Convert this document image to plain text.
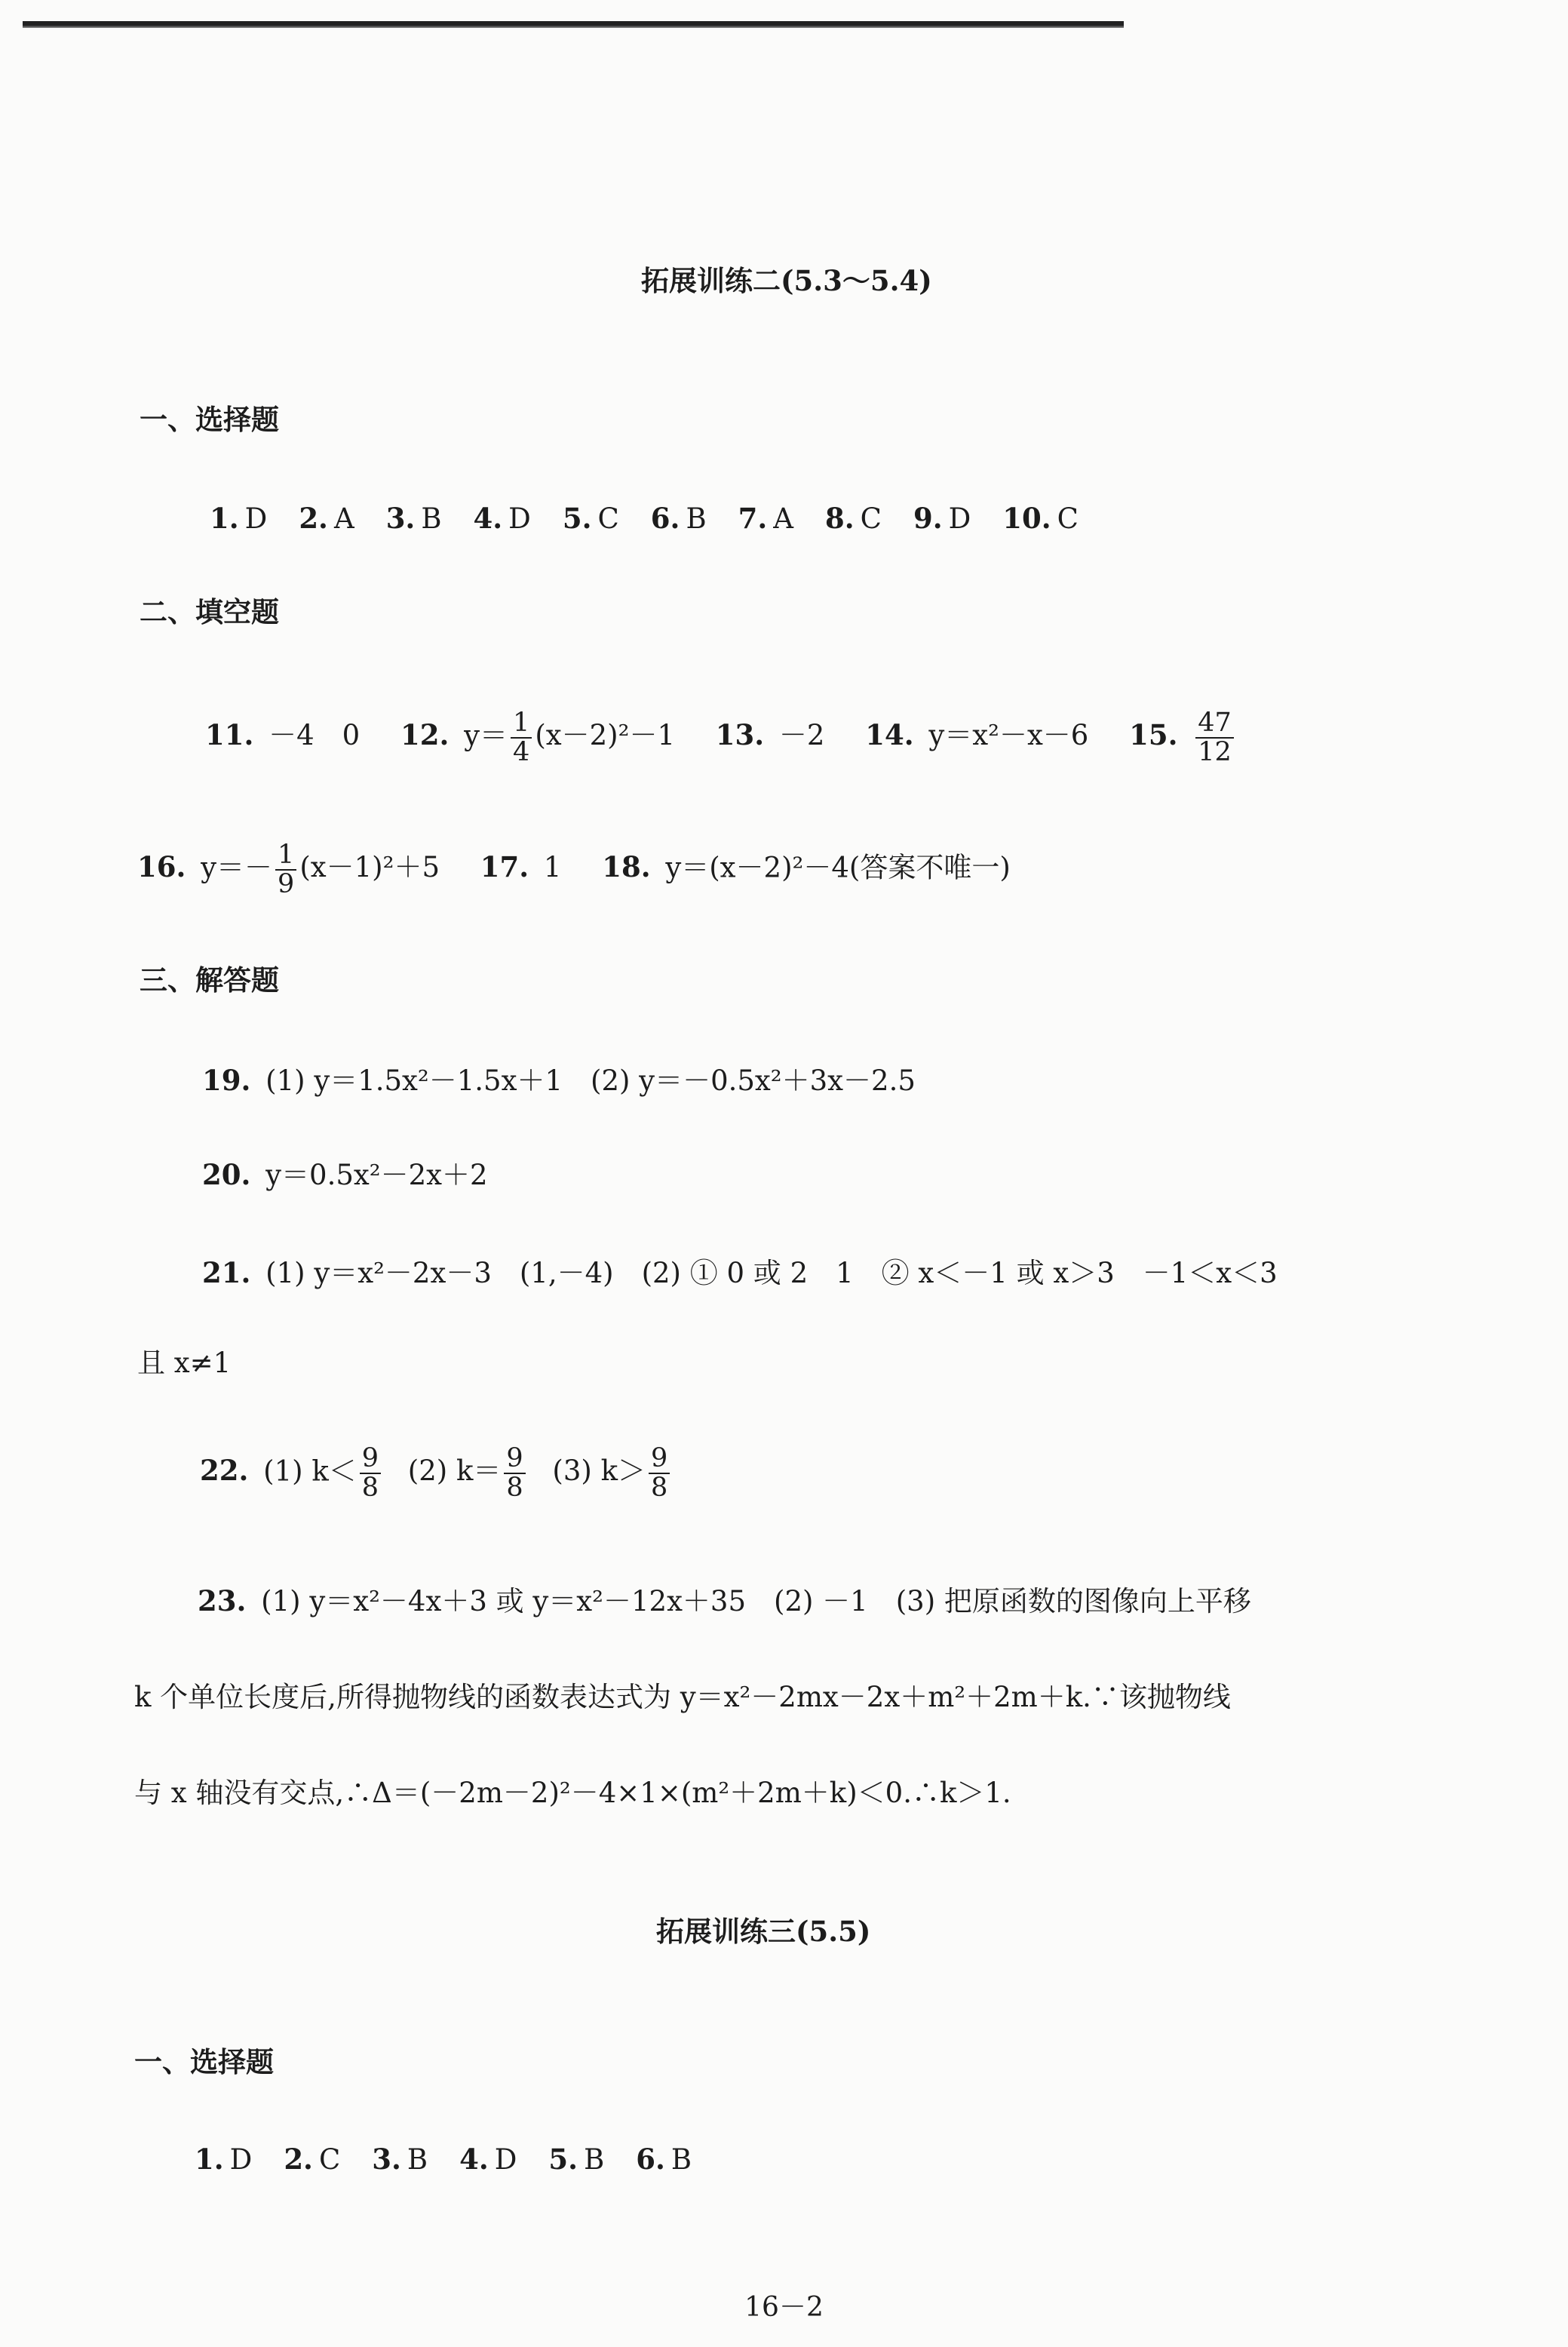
拓展训练二(5.3～5.4)
一、选择题
1. D 2. A 3. B 4. D 5. C 6. B 7. A 8. C 9. D 10. C
二、填空题
11. －4　0 12. $y= \frac{1}{4} (x-2)^2-1$ 13. －2 14. y＝x²－x－6 15. $\frac{47}{12}$
16. $y=- \frac{1}{9} (x-1)^2+5$ 17. 1 18. y＝(x－2)²－4(答案不唯一)
三、解答题
19. (1) y＝1.5x²－1.5x＋1　(2) y＝－0.5x²＋3x－2.5
20. y＝0.5x²－2x＋2
21. (1) y＝x²－2x－3　(1,－4)　(2) ① 0 或 2　1　② x＜－1 或 x＞3　－1＜x＜3
且 x≠1
22. (1) $k< \frac{9}{8} (2)$ $k= \frac{9}{8} (3)$ $k> \frac{9}{8}$
23. (1) y＝x²－4x＋3 或 y＝x²－12x＋35　(2) －1　(3) 把原函数的图像向上平移
k 个单位长度后,所得抛物线的函数表达式为 y＝x²－2mx－2x＋m²＋2m＋k.∵该抛物线
与 x 轴没有交点,∴Δ＝(－2m－2)²－4×1×(m²＋2m＋k)＜0.∴k＞1.
拓展训练三(5.5)
一、选择题
1. D 2. C 3. B 4. D 5. B 6. B
16－2
